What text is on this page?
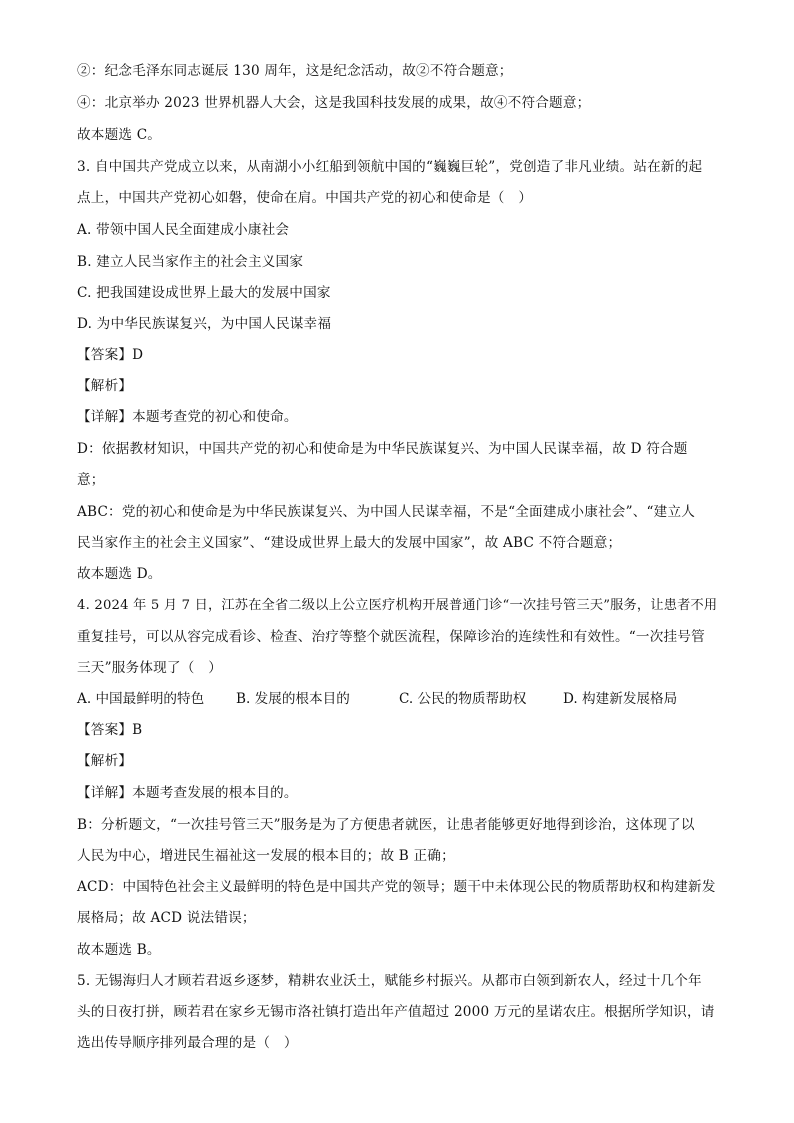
②：纪念毛泽东同志诞辰 130 周年，这是纪念活动，故②不符合题意；
④：北京举办 2023 世界机器人大会，这是我国科技发展的成果，故④不符合题意；
故本题选 C。
3. 自中国共产党成立以来，从南湖小小红船到领航中国的“巍巍巨轮”，党创造了非凡业绩。站在新的起
点上，中国共产党初心如磐，使命在肩。中国共产党的初心和使命是（　）
A. 带领中国人民全面建成小康社会
B. 建立人民当家作主的社会主义国家
C. 把我国建设成世界上最大的发展中国家
D. 为中华民族谋复兴，为中国人民谋幸福
【答案】D
【解析】
【详解】本题考查党的初心和使命。
D：依据教材知识，中国共产党的初心和使命是为中华民族谋复兴、为中国人民谋幸福，故 D 符合题
意；
ABC：党的初心和使命是为中华民族谋复兴、为中国人民谋幸福，不是“全面建成小康社会”、“建立人
民当家作主的社会主义国家”、“建设成世界上最大的发展中国家”，故 ABC 不符合题意；
故本题选 D。
4. 2024 年 5 月 7 日，江苏在全省二级以上公立医疗机构开展普通门诊“一次挂号管三天”服务，让患者不用
重复挂号，可以从容完成看诊、检查、治疗等整个就医流程，保障诊治的连续性和有效性。“一次挂号管
三天”服务体现了（　）
A. 中国最鲜明的特色 B. 发展的根本目的	C. 公民的物质帮助权	D. 构建新发展格局
【答案】B
【解析】
【详解】本题考查发展的根本目的。
B：分析题文，“一次挂号管三天”服务是为了方便患者就医，让患者能够更好地得到诊治，这体现了以
人民为中心，增进民生福祉这一发展的根本目的；故 B 正确；
ACD：中国特色社会主义最鲜明的特色是中国共产党的领导；题干中未体现公民的物质帮助权和构建新发
展格局；故 ACD 说法错误；
故本题选 B。
5. 无锡海归人才顾若君返乡逐梦，精耕农业沃土，赋能乡村振兴。从都市白领到新农人，经过十几个年
头的日夜打拼，顾若君在家乡无锡市洛社镇打造出年产值超过 2000 万元的星诺农庄。根据所学知识，请
选出传导顺序排列最合理的是（　）
